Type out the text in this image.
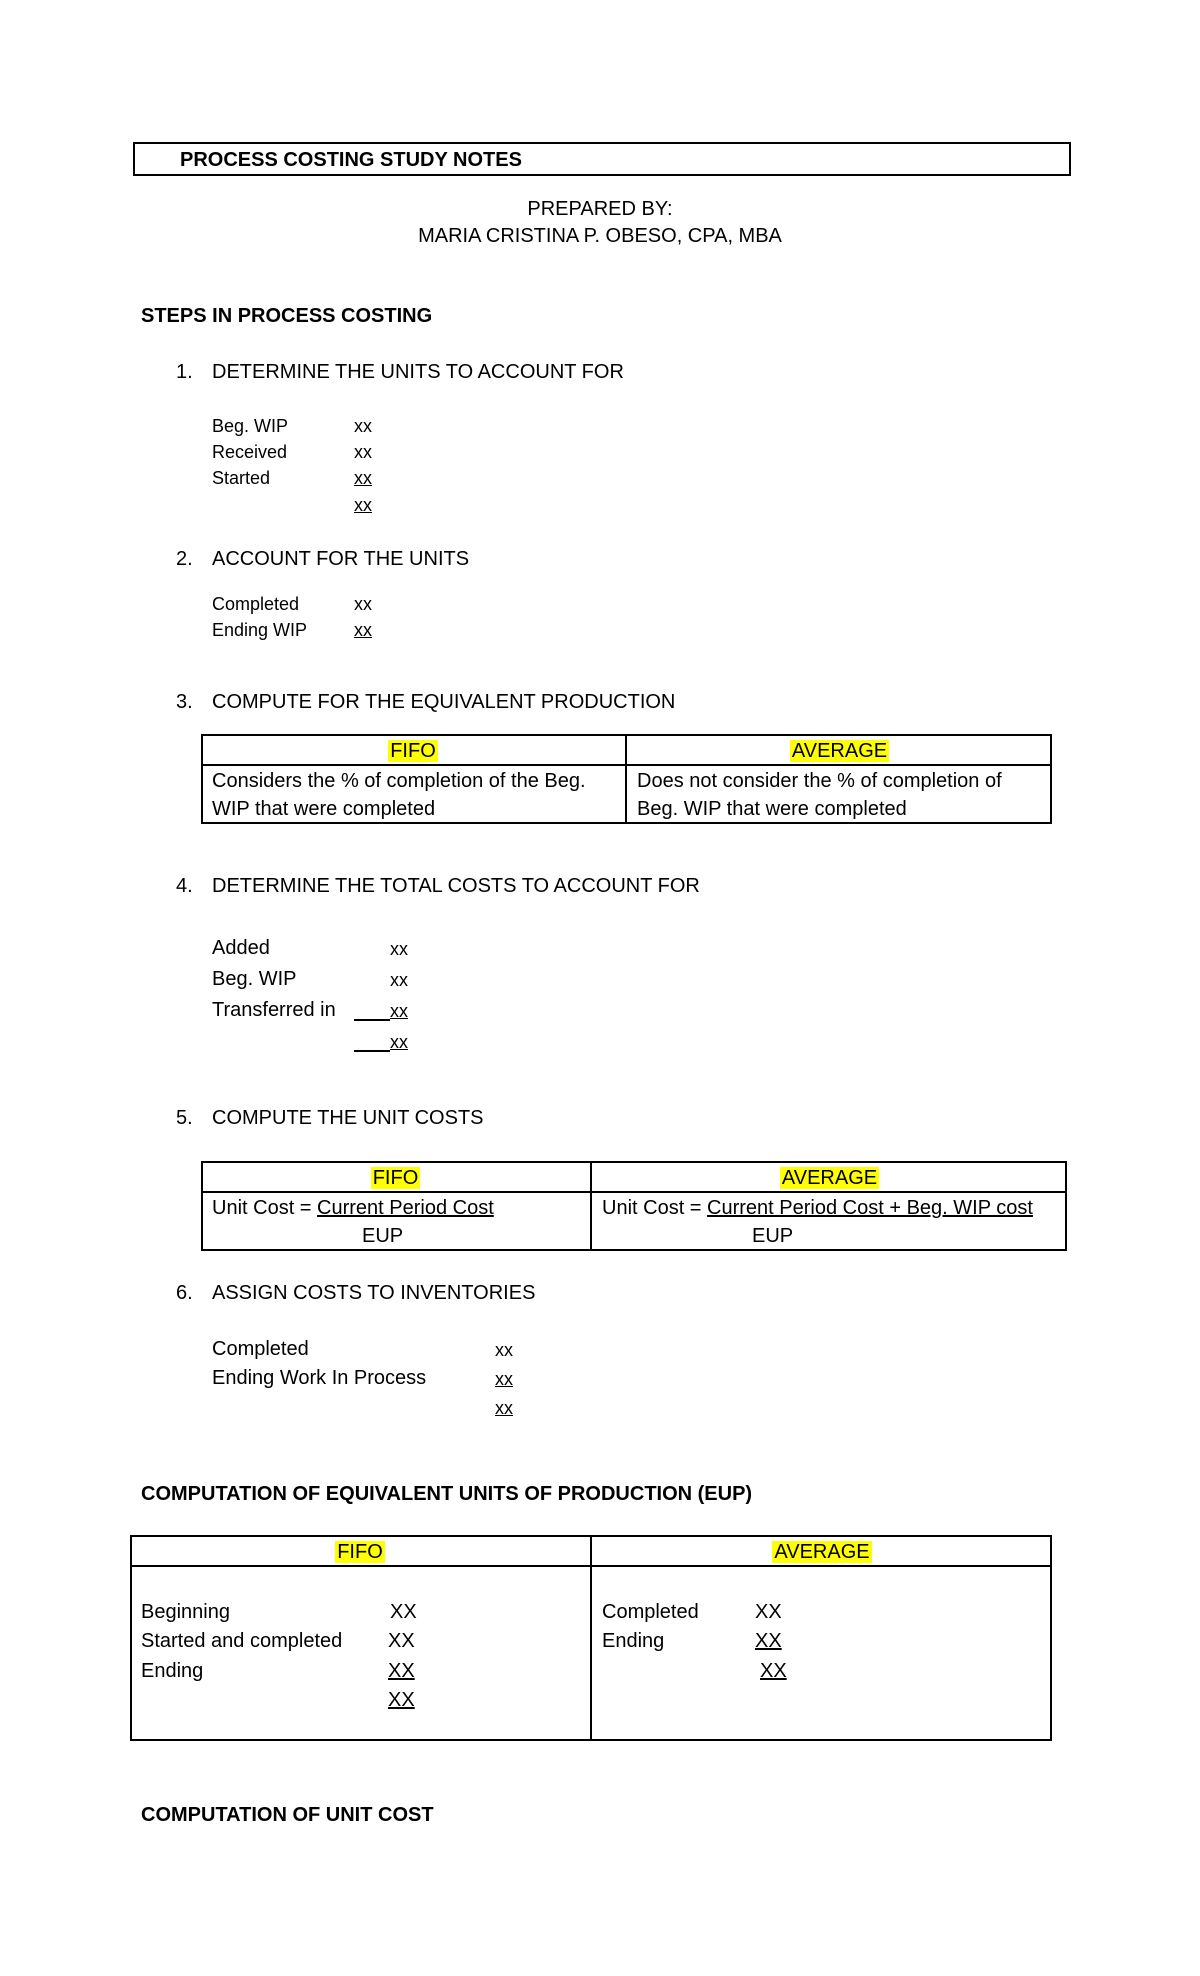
PROCESS COSTING STUDY NOTES
PREPARED BY:
MARIA CRISTINA P. OBESO, CPA, MBA
STEPS IN PROCESS COSTING
1. DETERMINE THE UNITS TO ACCOUNT FOR
Beg. WIP	xx
Received	xx
Started	xx
xx
2. ACCOUNT FOR THE UNITS
Completed	xx
Ending WIP	xx
3. COMPUTE FOR THE EQUIVALENT PRODUCTION
FIFO	AVERAGE
Considers the % of completion of the Beg.
WIP that were completed
Does not consider the % of completion of
Beg. WIP that were completed
4. DETERMINE THE TOTAL COSTS TO ACCOUNT FOR
Added	xx
Beg. WIP	xx
Transferred in	xx
xx
5. COMPUTE THE UNIT COSTS
FIFO	AVERAGE
Unit Cost = Current Period Cost
EUP
Unit Cost = Current Period Cost + Beg. WIP cost
EUP
6. ASSIGN COSTS TO INVENTORIES
Completed	xx
Ending Work In Process	xx
xx
COMPUTATION OF EQUIVALENT UNITS OF PRODUCTION (EUP)
FIFO	AVERAGE
Beginning	XX
Started and completed XX
Ending	XX
XX
Completed	XX
Ending	XX
XX
COMPUTATION OF UNIT COST
